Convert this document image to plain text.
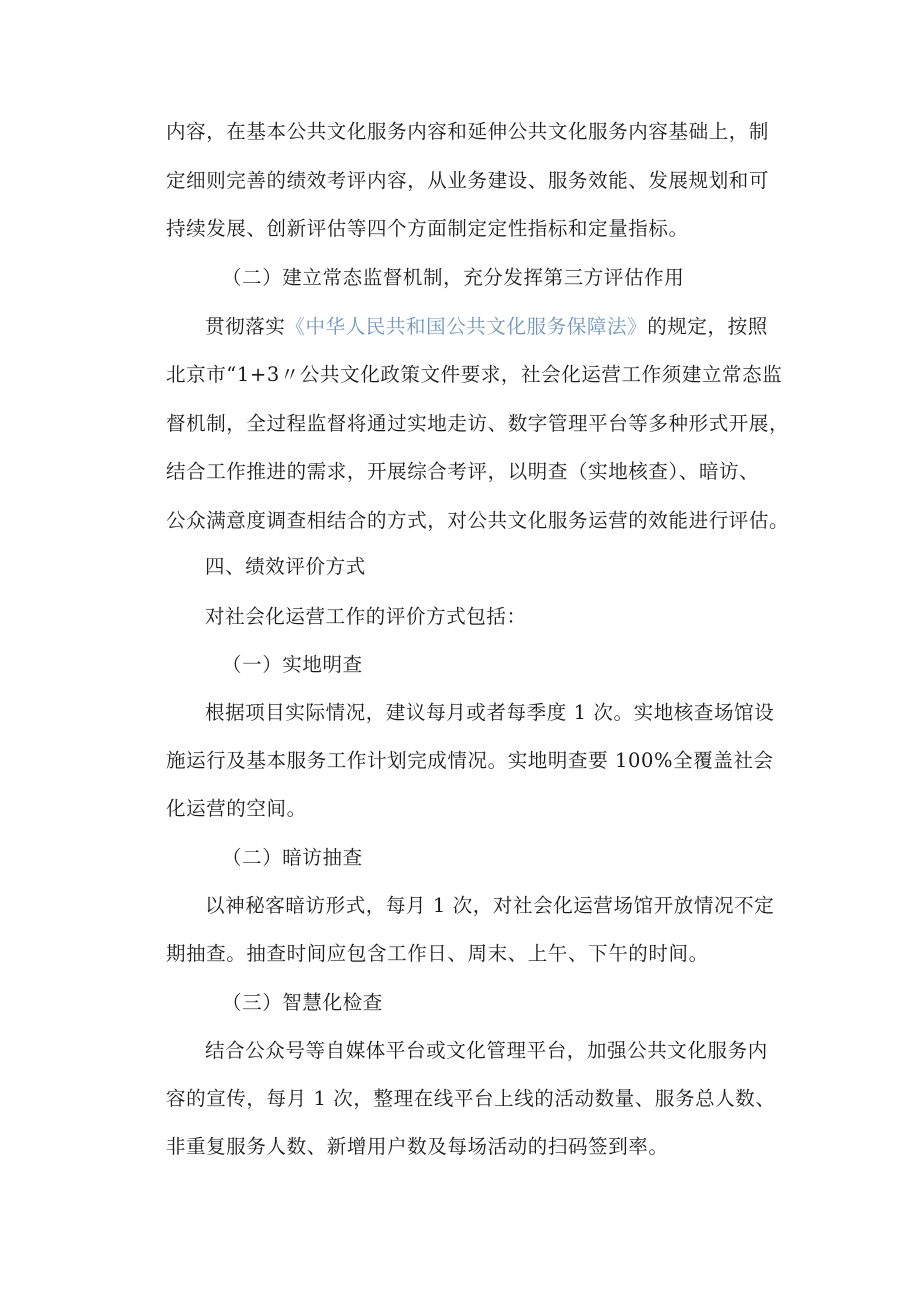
内容，在基本公共文化服务内容和延伸公共文化服务内容基础上，制

定细则完善的绩效考评内容，从业务建设、服务效能、发展规划和可

持续发展、创新评估等四个方面制定定性指标和定量指标。

（二）建立常态监督机制，充分发挥第三方评估作用

贯彻落实《中华人民共和国公共文化服务保障法》的规定，按照

北京市“1+3〃公共文化政策文件要求，社会化运营工作须建立常态监

督机制，全过程监督将通过实地走访、数字管理平台等多种形式开展，

结合工作推进的需求，开展综合考评，以明查（实地核查）、暗访、

公众满意度调查相结合的方式，对公共文化服务运营的效能进行评估。

四、绩效评价方式

对社会化运营工作的评价方式包括：

（一）实地明查

根据项目实际情况，建议每月或者每季度 1 次。实地核查场馆设

施运行及基本服务工作计划完成情况。实地明查要 100%全覆盖社会

化运营的空间。

（二）暗访抽查

以神秘客暗访形式，每月 1 次，对社会化运营场馆开放情况不定

期抽查。抽查时间应包含工作日、周末、上午、下午的时间。

（三）智慧化检查

结合公众号等自媒体平台或文化管理平台，加强公共文化服务内

容的宣传，每月 1 次，整理在线平台上线的活动数量、服务总人数、

非重复服务人数、新增用户数及每场活动的扫码签到率。
